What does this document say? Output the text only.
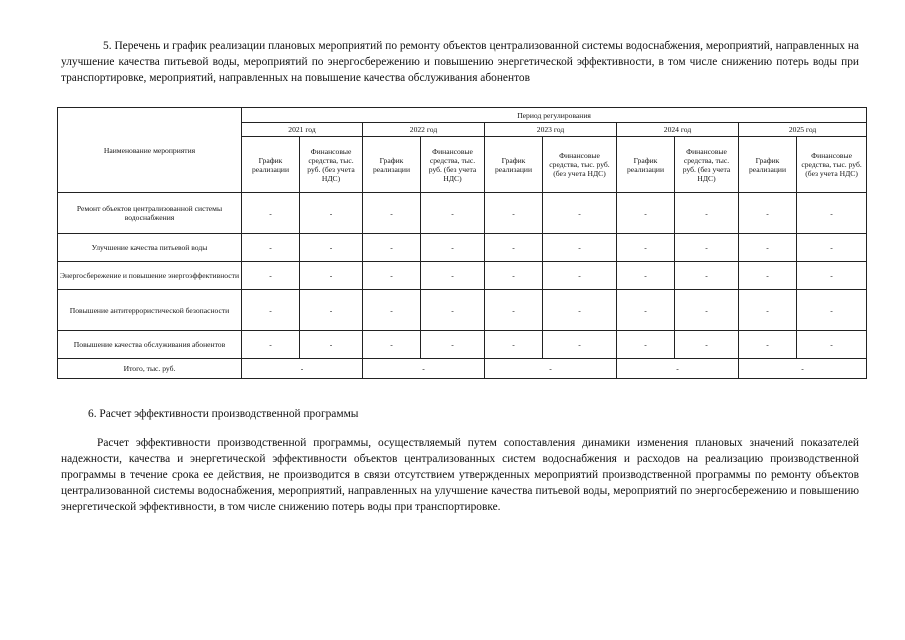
5. Перечень и график реализации плановых мероприятий по ремонту объектов централизованной системы водоснабжения, мероприятий, направленных на улучшение качества питьевой воды, мероприятий по энергосбережению и повышению энергетической эффективности, в том числе снижению потерь воды при транспортировке, мероприятий, направленных на повышение качества обслуживания абонентов
Наименование мероприятия	Период регулирования									
	2021 год		2022 год		2023 год		2024 год		2025 год	
	График реализации	Финансовые средства, тыс. руб. (без учета НДС)	График реализации	Финансовые средства, тыс. руб. (без учета НДС)	График реализации	Финансовые средства, тыс. руб. (без учета НДС)	График реализации	Финансовые средства, тыс. руб. (без учета НДС)	График реализации	Финансовые средства, тыс. руб. (без учета НДС)
Ремонт объектов централизованной системы водоснабжения	-	-	-	-	-	-	-	-	-	-
Улучшение качества питьевой воды	-	-	-	-	-	-	-	-	-	-
Энергосбережение и повышение энергоэффективности	-	-	-	-	-	-	-	-	-	-
Повышение антитеррористической безопасности	-	-	-	-	-	-	-	-	-	-
Повышение качества обслуживания абонентов	-	-	-	-	-	-	-	-	-	-
Итого, тыс. руб.	-		-		-		-		-	
6. Расчет эффективности производственной программы
Расчет эффективности производственной программы, осуществляемый путем сопоставления динамики изменения плановых значений показателей надежности, качества и энергетической эффективности объектов централизованных систем водоснабжения и расходов на реализацию производственной программы в течение срока ее действия, не производится в связи отсутствием утвержденных мероприятий производственной программы по ремонту объектов централизованной системы водоснабжения, мероприятий, направленных на улучшение качества питьевой воды, мероприятий по энергосбережению и повышению энергетической эффективности, в том числе снижению потерь воды при транспортировке.
